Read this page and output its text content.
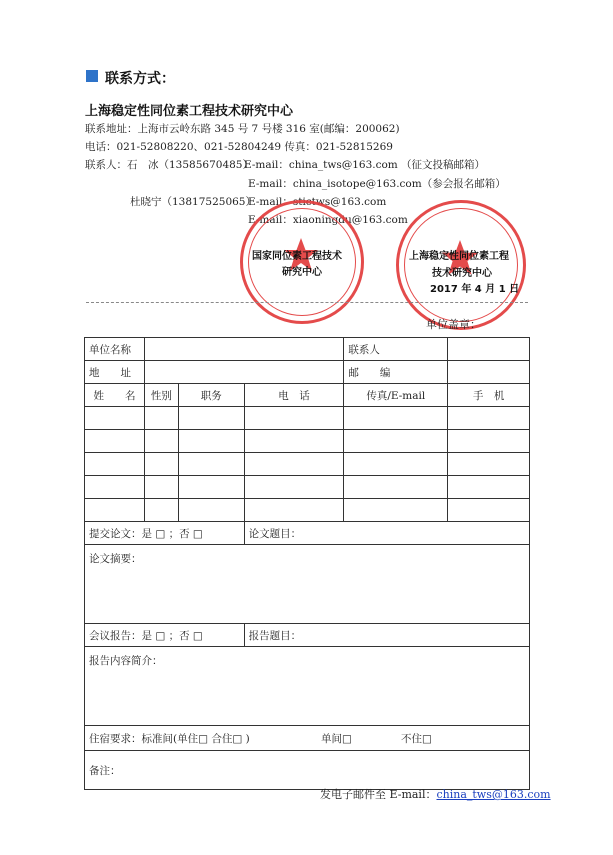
联系方式：
上海稳定性同位素工程技术研究中心
联系地址：上海市云岭东路 345 号 7 号楼 316 室(邮编：200062)
电话：021-52808220、021-52804249 传真：021-52815269
联系人：石　冰（13585670485）
E-mail：china_tws@163.com （征文投稿邮箱）
E-mail：china_isotope@163.com（参会报名邮箱）
杜晓宁（13817525065）
E-mail：stictws@163.com
E-mail：xiaoningdu@163.com
国家同位素工程技术
研究中心
上海稳定性同位素工程
技术研究中心
2017 年 4 月 1 日
单位盖章：
单位名称				联系人	
地　　址				邮　　编	
姓　　名	性别	职务	电　话	传真/E-mail	手　机

提交论文：是 □ ；否 □			论文题目：		
论文摘要：					
会议报告：是 □ ；否 □			报告题目：		
报告内容简介：					
住宿要求：标准间(单住□ 合住□ ) 单间□ 不住□					

备注：					
发电子邮件至 E-mail：china_tws@163.com
